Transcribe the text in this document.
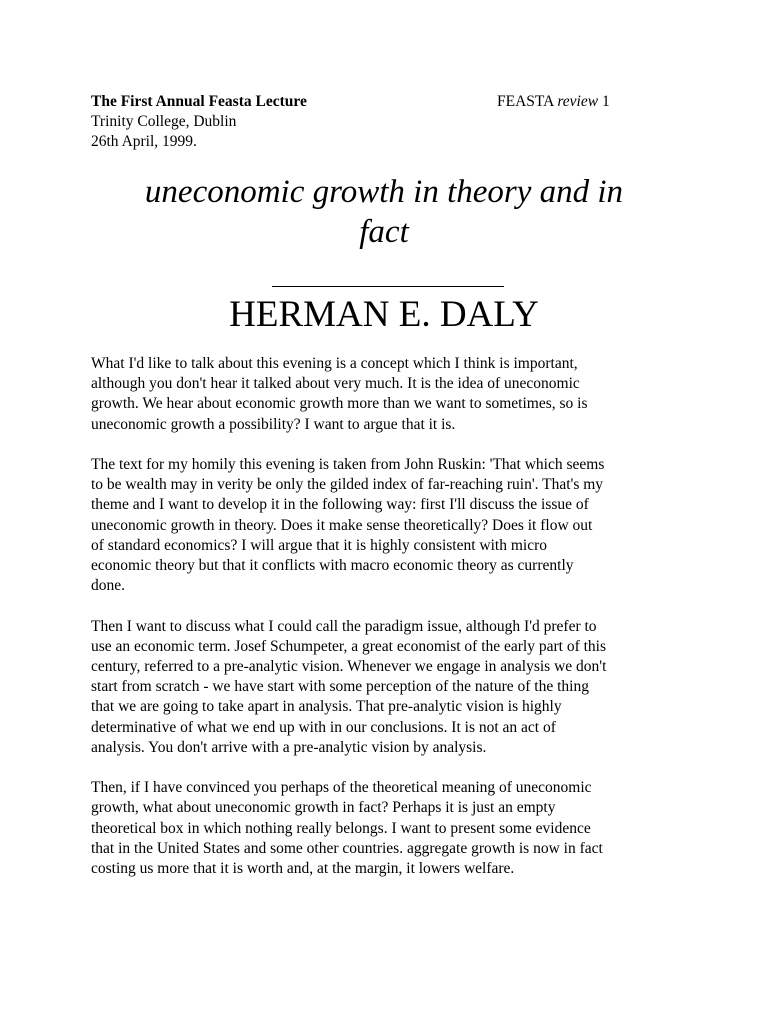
The First Annual Feasta Lecture
Trinity College, Dublin
26th April, 1999.
FEASTA review 1
uneconomic growth in theory and in
fact
HERMAN E. DALY

What I'd like to talk about this evening is a concept which I think is important,
although you don't hear it talked about very much. It is the idea of uneconomic
growth. We hear about economic growth more than we want to sometimes, so is
uneconomic growth a possibility? I want to argue that it is.

The text for my homily this evening is taken from John Ruskin: 'That which seems
to be wealth may in verity be only the gilded index of far-reaching ruin'. That's my
theme and I want to develop it in the following way: first I'll discuss the issue of
uneconomic growth in theory. Does it make sense theoretically? Does it flow out
of standard economics? I will argue that it is highly consistent with micro
economic theory but that it conflicts with macro economic theory as currently
done.

Then I want to discuss what I could call the paradigm issue, although I'd prefer to
use an economic term. Josef Schumpeter, a great economist of the early part of this
century, referred to a pre-analytic vision. Whenever we engage in analysis we don't
start from scratch - we have start with some perception of the nature of the thing
that we are going to take apart in analysis. That pre-analytic vision is highly
determinative of what we end up with in our conclusions. It is not an act of
analysis. You don't arrive with a pre-analytic vision by analysis.

Then, if I have convinced you perhaps of the theoretical meaning of uneconomic
growth, what about uneconomic growth in fact? Perhaps it is just an empty
theoretical box in which nothing really belongs. I want to present some evidence
that in the United States and some other countries. aggregate growth is now in fact
costing us more that it is worth and, at the margin, it lowers welfare.
